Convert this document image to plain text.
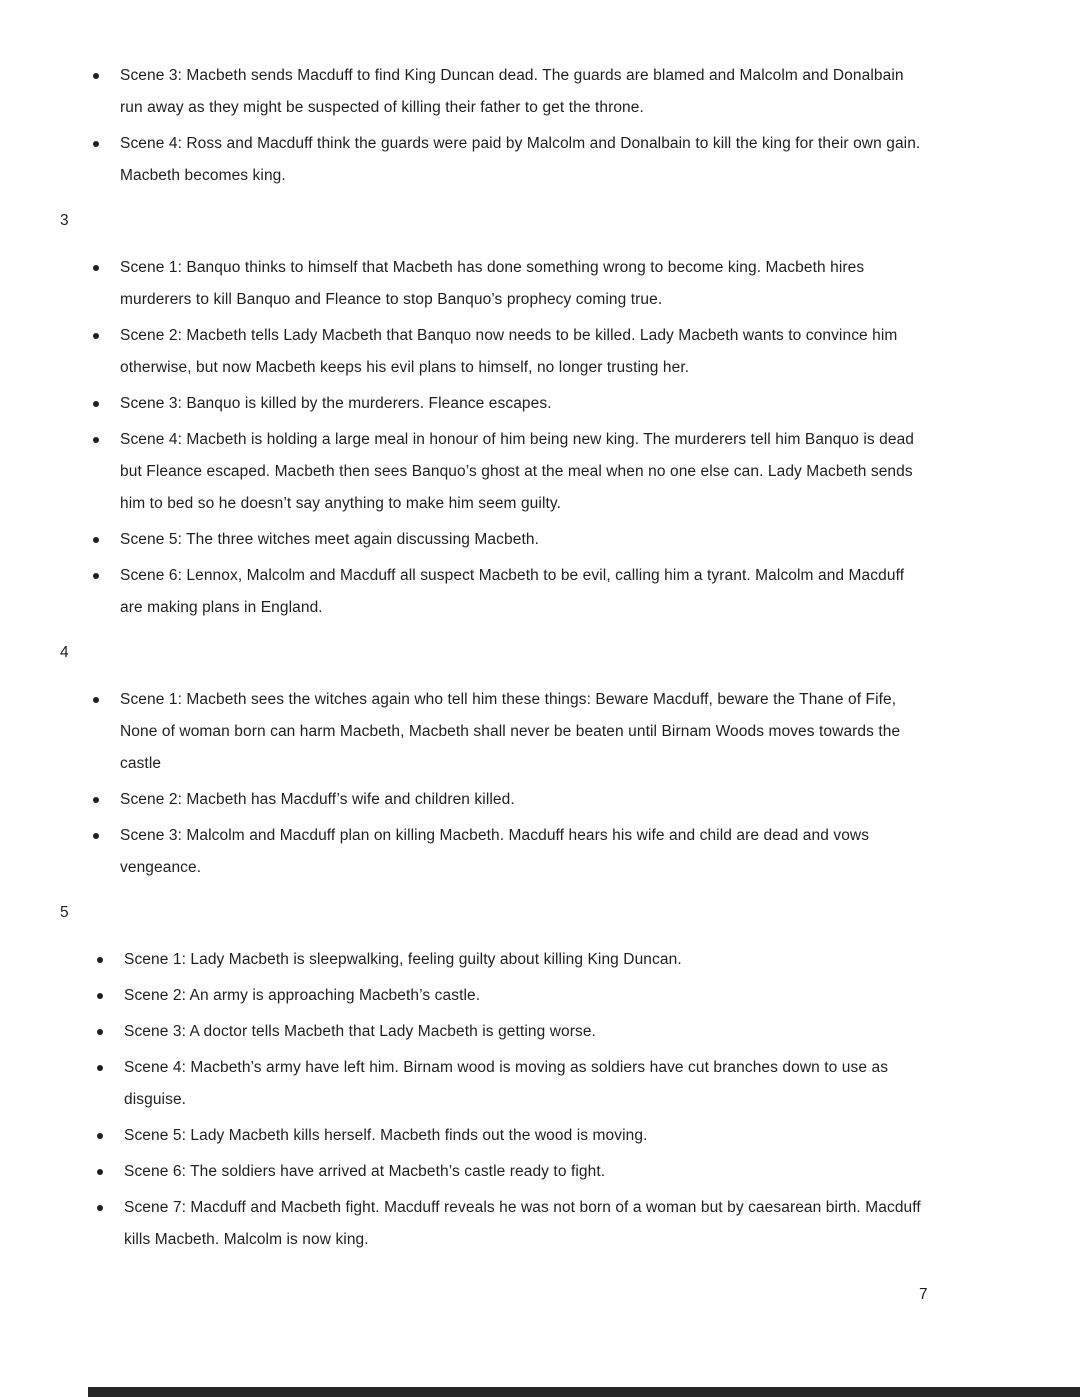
Scene 3: Macbeth sends Macduff to find King Duncan dead. The guards are blamed and Malcolm and Donalbain run away as they might be suspected of killing their father to get the throne.
Scene 4: Ross and Macduff think the guards were paid by Malcolm and Donalbain to kill the king for their own gain. Macbeth becomes king.
3
Scene 1: Banquo thinks to himself that Macbeth has done something wrong to become king. Macbeth hires murderers to kill Banquo and Fleance to stop Banquo’s prophecy coming true.
Scene 2: Macbeth tells Lady Macbeth that Banquo now needs to be killed. Lady Macbeth wants to convince him otherwise, but now Macbeth keeps his evil plans to himself, no longer trusting her.
Scene 3: Banquo is killed by the murderers. Fleance escapes.
Scene 4: Macbeth is holding a large meal in honour of him being new king. The murderers tell him Banquo is dead but Fleance escaped. Macbeth then sees Banquo’s ghost at the meal when no one else can. Lady Macbeth sends him to bed so he doesn’t say anything to make him seem guilty.
Scene 5: The three witches meet again discussing Macbeth.
Scene 6: Lennox, Malcolm and Macduff all suspect Macbeth to be evil, calling him a tyrant. Malcolm and Macduff are making plans in England.
4
Scene 1: Macbeth sees the witches again who tell him these things: Beware Macduff, beware the Thane of Fife, None of woman born can harm Macbeth, Macbeth shall never be beaten until Birnam Woods moves towards the castle
Scene 2: Macbeth has Macduff’s wife and children killed.
Scene 3: Malcolm and Macduff plan on killing Macbeth. Macduff hears his wife and child are dead and vows vengeance.
5
Scene 1: Lady Macbeth is sleepwalking, feeling guilty about killing King Duncan.
Scene 2: An army is approaching Macbeth’s castle.
Scene 3: A doctor tells Macbeth that Lady Macbeth is getting worse.
Scene 4: Macbeth’s army have left him. Birnam wood is moving as soldiers have cut branches down to use as disguise.
Scene 5: Lady Macbeth kills herself. Macbeth finds out the wood is moving.
Scene 6: The soldiers have arrived at Macbeth’s castle ready to fight.
Scene 7: Macduff and Macbeth fight. Macduff reveals he was not born of a woman but by caesarean birth. Macduff kills Macbeth. Malcolm is now king.
7
